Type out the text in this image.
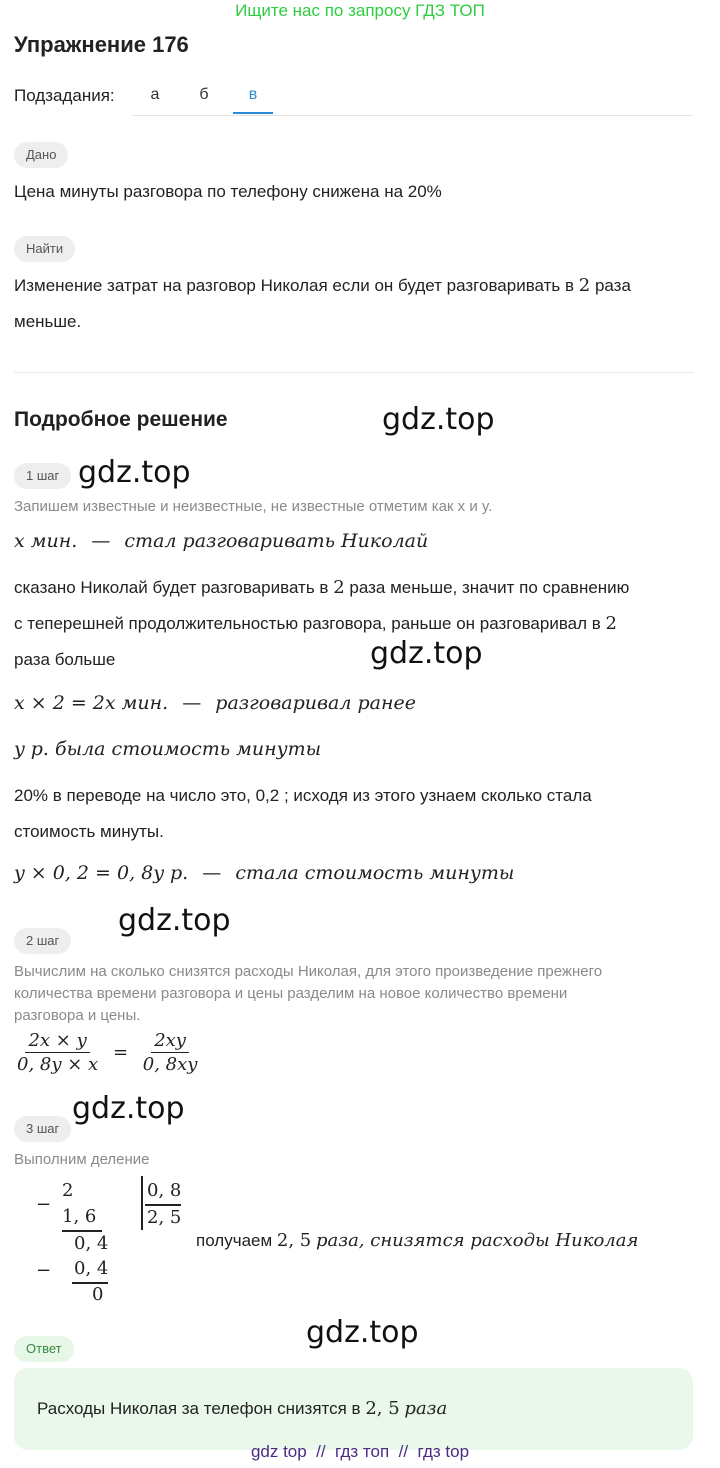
Ищите нас по запросу ГДЗ ТОП
Упражнение 176
Подзадания:	а	б	в
Дано
Цена минуты разговора по телефону снижена на 20%
Найти
Изменение затрат на разговор Николая если он будет разговаривать в 2 раза
меньше.
Подробное решение	gdz.top
gdz.top
gdz.top
gdz.top
gdz.top
gdz.top
1 шаг
Запишем известные и неизвестные, не известные отметим как x и y.
x мин. — стал разговаривать Николай
сказано Николай будет разговаривать в 2 раза меньше, значит по сравнению
с теперешней продолжительностью разговора, раньше он разговаривал в 2
раза больше
x × 2 = 2x мин. — разговаривал ранее
y р. была стоимость минуты
20% в переводе на число это, 0,2 ; исходя из этого узнаем сколько стала
стоимость минуты.
y × 0, 2 = 0, 8y р. — стала стоимость минуты
2 шаг
Вычислим на сколько снизятся расходы Николая, для этого произведение прежнего
количества времени разговора и цены разделим на новое количество времени
разговора и цены.
$\frac{2x \times y}{0, 8y \times x} = \frac{2xy}{0, 8xy}$
3 шаг
Выполним деление
−
2
1, 6
0, 4
− 0, 4
0
0, 8
2, 5
получаем 2, 5 раза, снизятся расходы Николая
Ответ
Расходы Николая за телефон снизятся в 2, 5 раза
gdz top  //  гдз топ  //  гдз top
